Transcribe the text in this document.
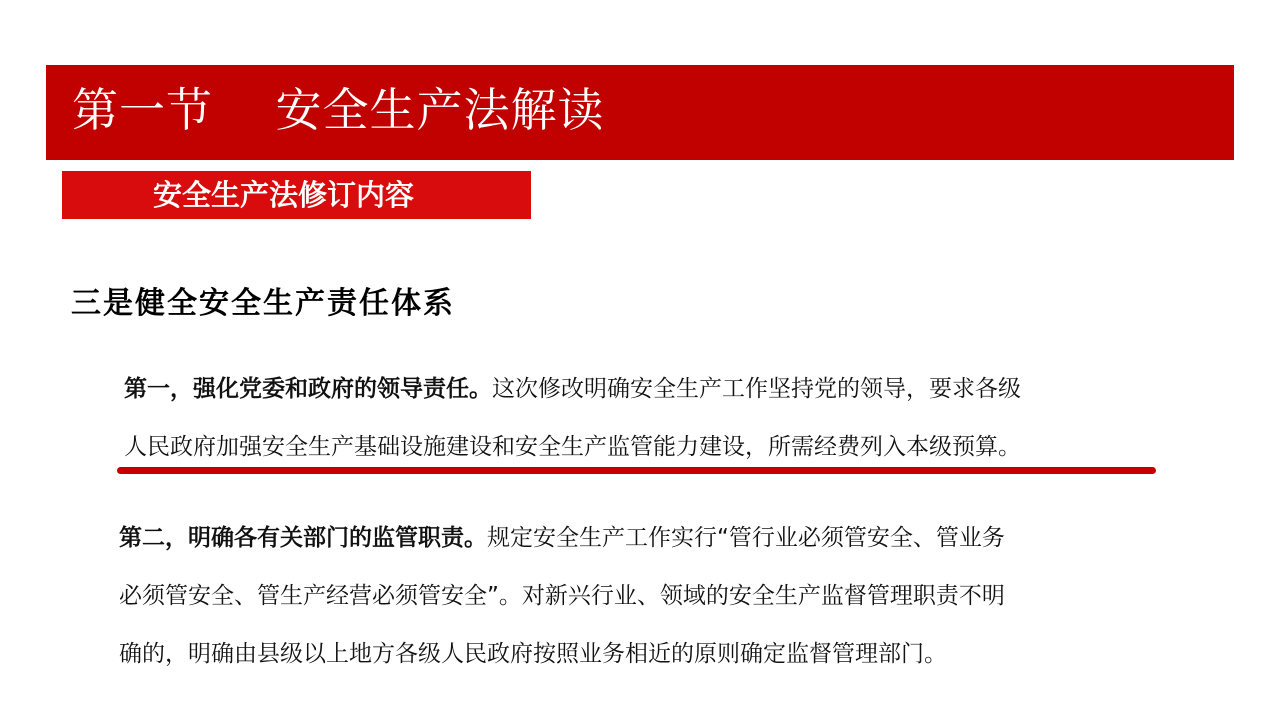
第一节    安全生产法解读
安全生产法修订内容
三是健全安全生产责任体系
第一，强化党委和政府的领导责任。这次修改明确安全生产工作坚持党的领导，要求各级
人民政府加强安全生产基础设施建设和安全生产监管能力建设，所需经费列入本级预算。
第二，明确各有关部门的监管职责。规定安全生产工作实行“管行业必须管安全、管业务
必须管安全、管生产经营必须管安全”。对新兴行业、领域的安全生产监督管理职责不明
确的，明确由县级以上地方各级人民政府按照业务相近的原则确定监督管理部门。
